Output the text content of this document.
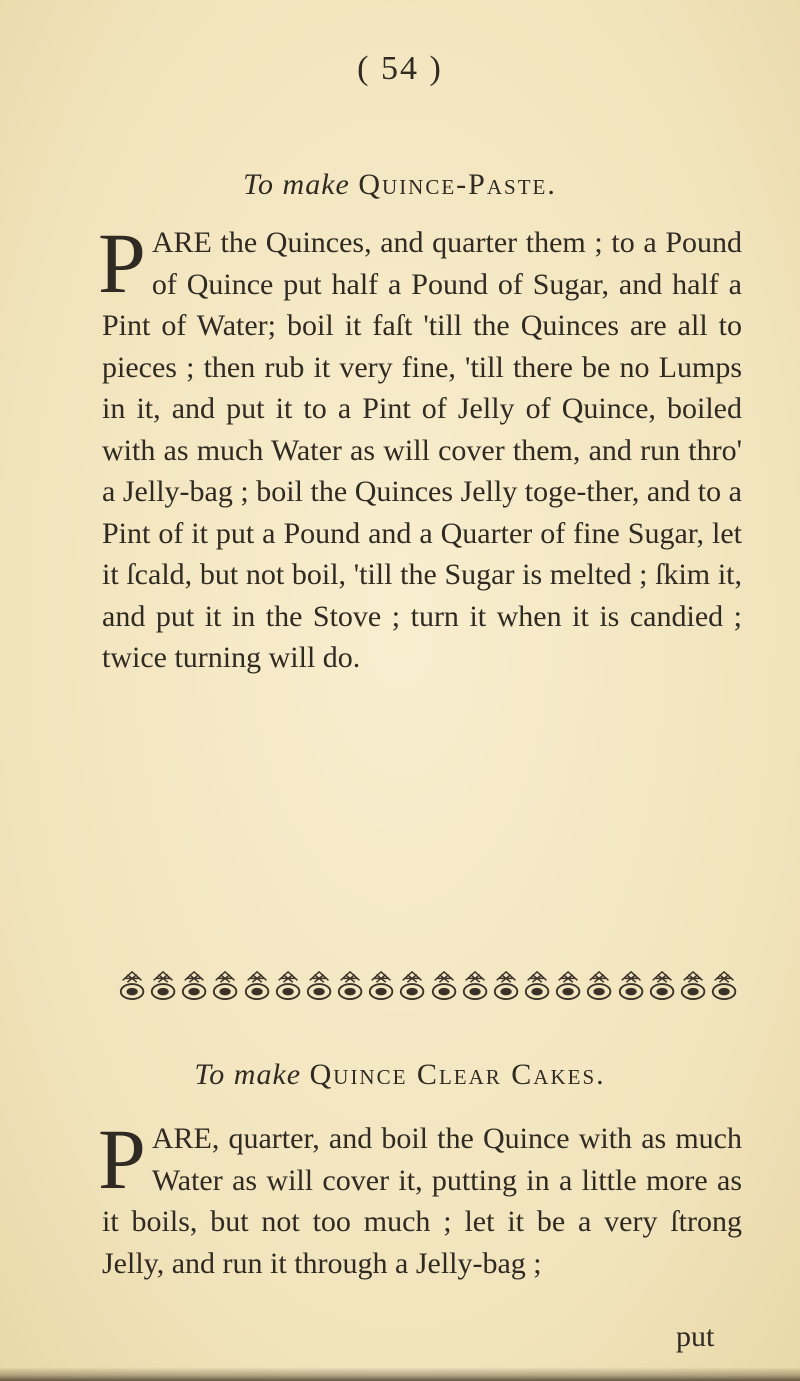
( 54 )
To make Quince-Paste.

PARE the Quinces, and quarter them ; to a Pound of Quince put half a Pound of Sugar, and half a Pint of Water; boil it faſt 'till the Quinces are all to pieces ; then rub it very fine, 'till there be no Lumps in it, and put it to a Pint of Jelly of Quince, boiled with as much Water as will cover them, and run thro' a Jelly-bag ; boil the Quinces Jelly toge-ther, and to a Pint of it put a Pound and a Quarter of fine Sugar, let it ſcald, but not boil, 'till the Sugar is melted ; ſkim it, and put it in the Stove ; turn it when it is candied ; twice turning will do.

To make Quince Clear Cakes.

PARE, quarter, and boil the Quince with as much Water as will cover it, putting in a little more as it boils, but not too much ; let it be a very ſtrong Jelly, and run it through a Jelly-bag ;

put
